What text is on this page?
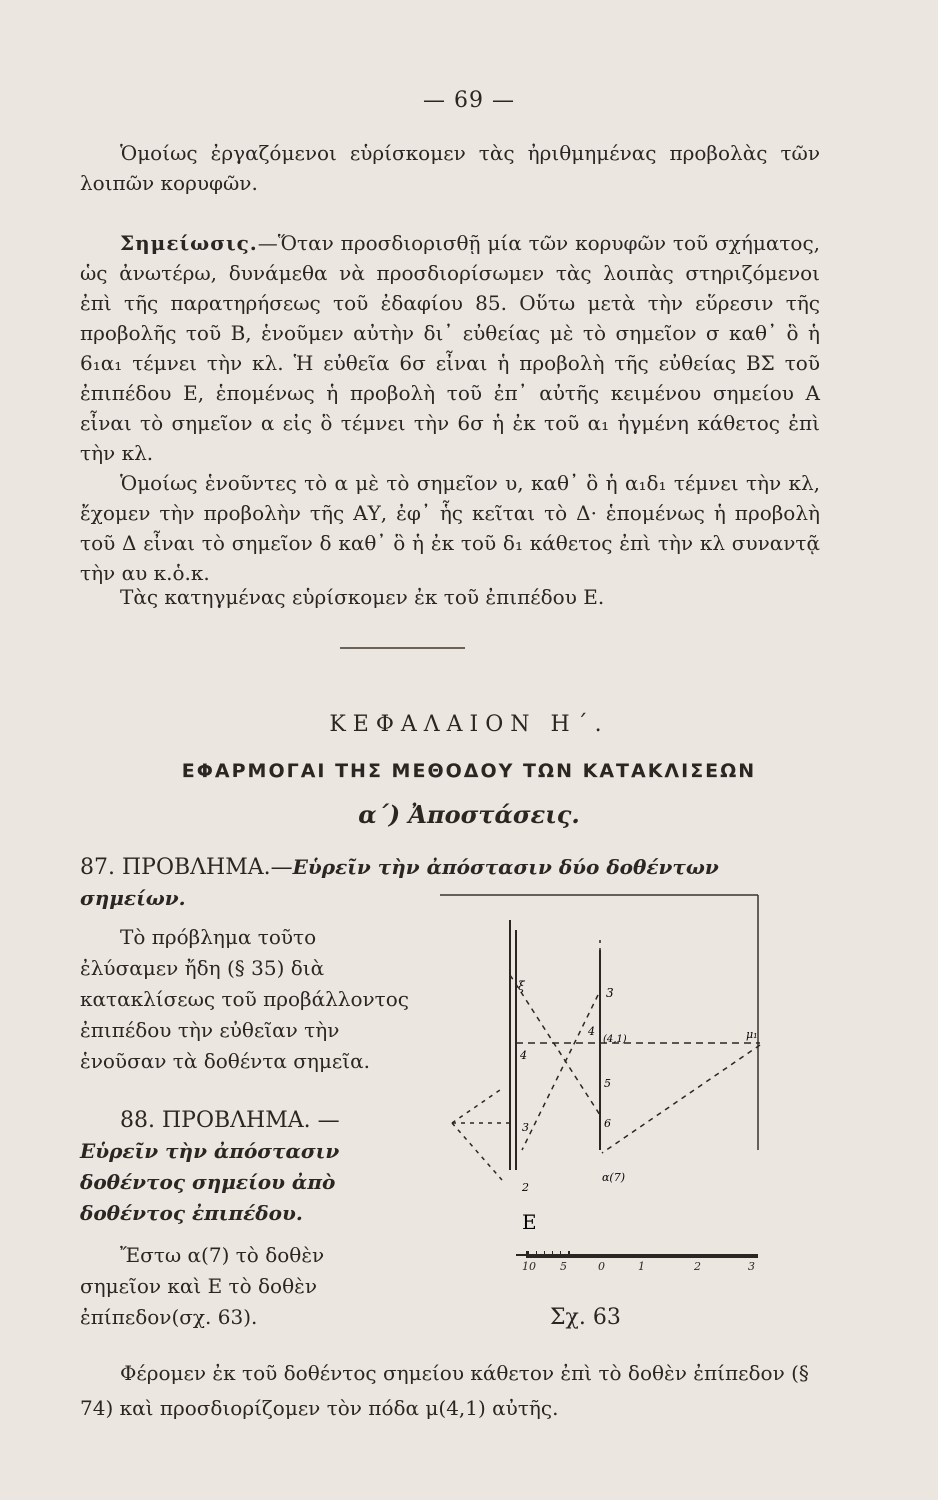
— 69 —

Ὁμοίως ἐργαζόμενοι εὑρίσκομεν τὰς ἠριθμημένας προβολὰς τῶν λοιπῶν κορυφῶν.

Σημείωσις.—Ὅταν προσδιορισθῇ μία τῶν κορυφῶν τοῦ σχήματος, ὡς ἀνωτέρω, δυνάμεθα νὰ προσδιορίσωμεν τὰς λοιπὰς στηριζόμενοι ἐπὶ τῆς παρατηρήσεως τοῦ ἐδαφίου 85. Οὕτω μετὰ τὴν εὕρεσιν τῆς προβολῆς τοῦ Β, ἑνοῦμεν αὐτὴν δι᾽ εὐθείας μὲ τὸ σημεῖον σ καθ᾽ ὃ ἡ 6₁α₁ τέμνει τὴν κλ. Ἡ εὐθεῖα 6σ εἶναι ἡ προβολὴ τῆς εὐθείας ΒΣ τοῦ ἐπιπέδου Ε, ἑπομένως ἡ προβολὴ τοῦ ἐπ᾽ αὐτῆς κειμένου σημείου Α εἶναι τὸ σημεῖον α εἰς ὃ τέμνει τὴν 6σ ἡ ἐκ τοῦ α₁ ἠγμένη κάθετος ἐπὶ τὴν κλ.

Ὁμοίως ἑνοῦντες τὸ α μὲ τὸ σημεῖον υ, καθ᾽ ὃ ἡ α₁δ₁ τέμνει τὴν κλ, ἔχομεν τὴν προβολὴν τῆς ΑΥ, ἐφ᾽ ἧς κεῖται τὸ Δ· ἑπομένως ἡ προβολὴ τοῦ Δ εἶναι τὸ σημεῖον δ καθ᾽ ὃ ἡ ἐκ τοῦ δ₁ κάθετος ἐπὶ τὴν κλ συναντᾷ τὴν αυ κ.ὁ.κ.

Τὰς κατηγμένας εὑρίσκομεν ἐκ τοῦ ἐπιπέδου Ε.

ΚΕΦΑΛΑΙΟΝ Η΄.
ΕΦΑΡΜΟΓΑΙ ΤΗΣ ΜΕΘΟΔΟΥ ΤΩΝ ΚΑΤΑΚΛΙΣΕΩΝ
α΄) Ἀποστάσεις.
87. ΠΡΟΒΛΗΜΑ.—Εὑρεῖν τὴν ἀπόστασιν δύο δοθέντων σημείων.

Τὸ πρόβλημα τοῦτο ἐλύσαμεν ἤδη (§ 35) διὰ κατακλίσεως τοῦ προβάλλοντος ἐπιπέδου τὴν εὐθεῖαν τὴν ἑνοῦσαν τὰ δοθέντα σημεῖα.

88. ΠΡΟΒΛΗΜΑ. — Εὑρεῖν τὴν ἀπόστασιν δοθέντος σημείου ἀπὸ δοθέντος ἐπιπέδου.

Ἔστω α(7) τὸ δοθὲν σημεῖον καὶ Ε τὸ δοθὲν ἐπίπεδον(σχ. 63).

ξ	3
4
4
(4,1)	μ₁
5
3	6
2
α(7)
Ε
10 5	0	1	2	3
Σχ. 63

Φέρομεν ἐκ τοῦ δοθέντος σημείου κάθετον ἐπὶ τὸ δοθὲν ἐπίπεδον (§ 74) καὶ προσδιορίζομεν τὸν πόδα μ(4,1) αὐτῆς.
